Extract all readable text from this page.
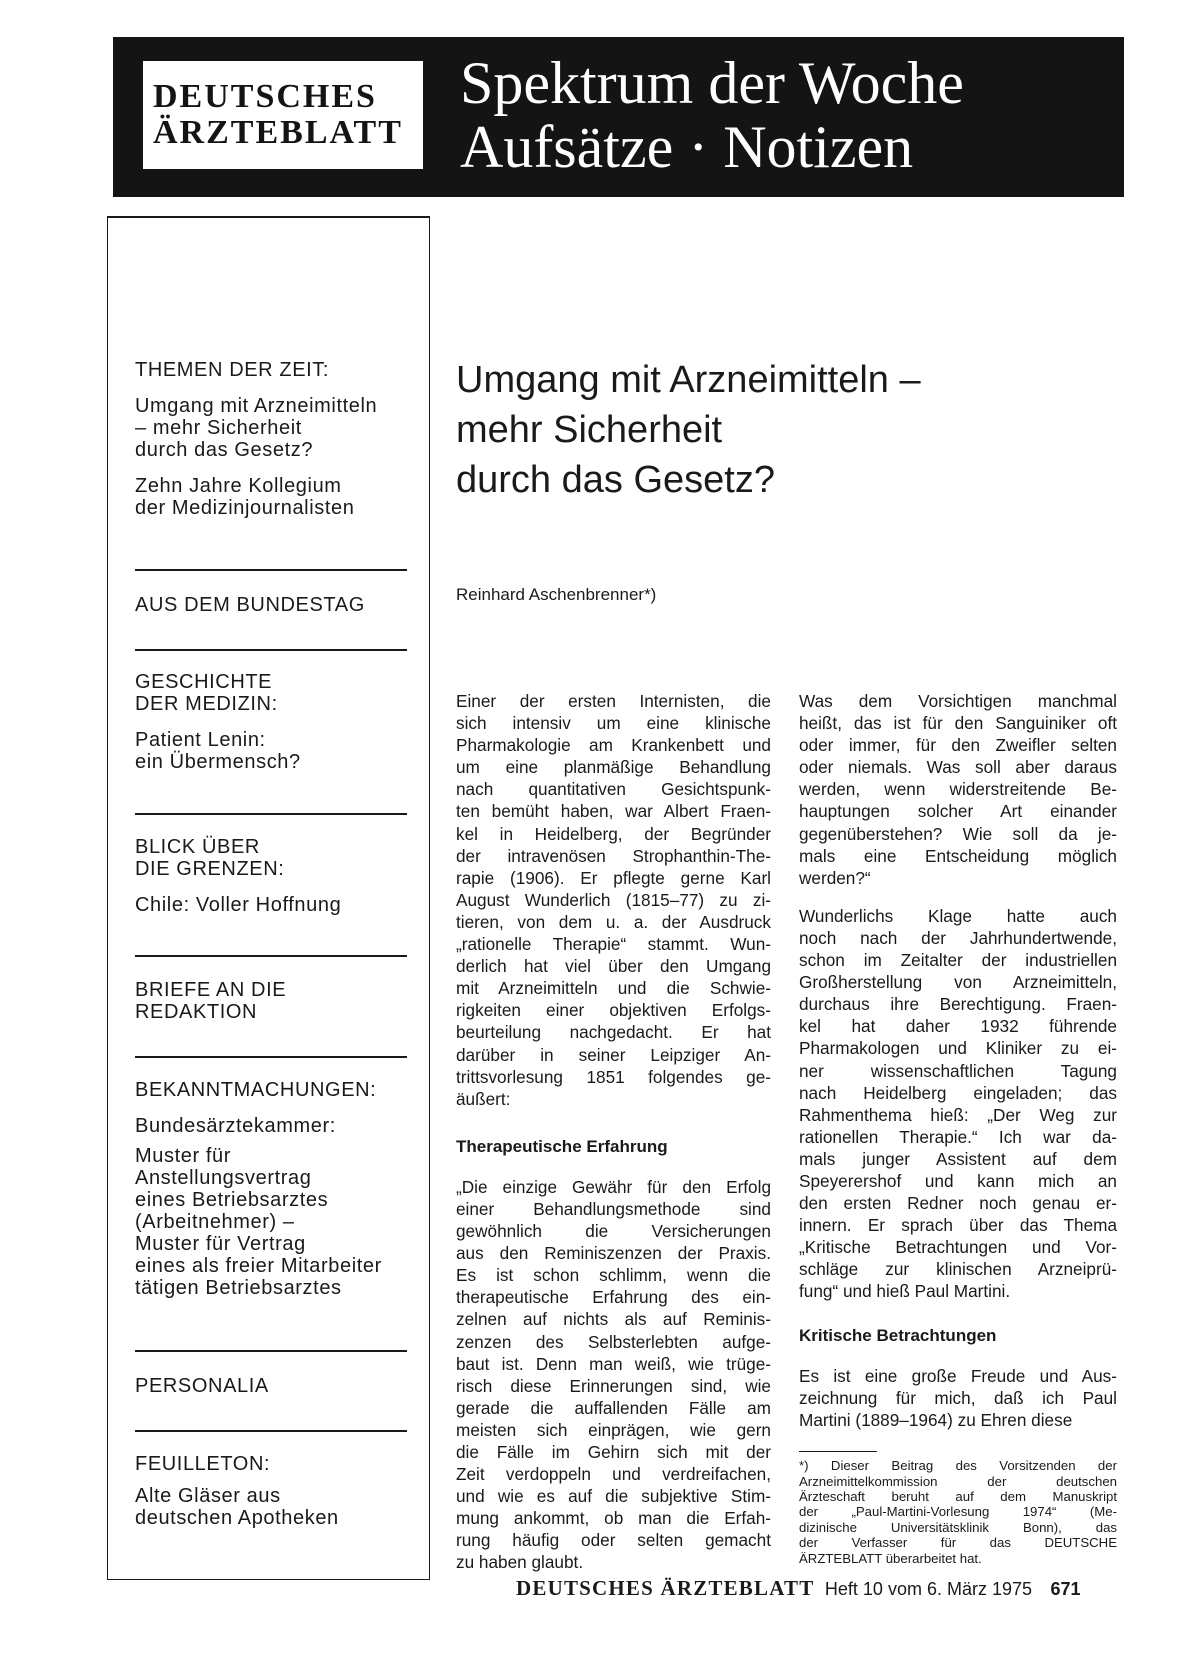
DEUTSCHES
ÄRZTEBLATT
Spektrum der Woche
Aufsätze · Notizen
THEMEN DER ZEIT:
Umgang mit Arzneimitteln
– mehr Sicherheit
durch das Gesetz?
Zehn Jahre Kollegium
der Medizinjournalisten
AUS DEM BUNDESTAG
GESCHICHTE
DER MEDIZIN:
Patient Lenin:
ein Übermensch?
BLICK ÜBER
DIE GRENZEN:
Chile: Voller Hoffnung
BRIEFE AN DIE
REDAKTION
BEKANNTMACHUNGEN:
Bundesärztekammer:
Muster für
Anstellungsvertrag
eines Betriebsarztes
(Arbeitnehmer) –
Muster für Vertrag
eines als freier Mitarbeiter
tätigen Betriebsarztes
PERSONALIA
FEUILLETON:
Alte Gläser aus
deutschen Apotheken
Umgang mit Arzneimitteln –
mehr Sicherheit
durch das Gesetz?
Reinhard Aschenbrenner*)

Einer der ersten Internisten, die
sich intensiv um eine klinische
Pharmakologie am Krankenbett und
um eine planmäßige Behandlung
nach quantitativen Gesichtspunk-
ten bemüht haben, war Albert Fraen-
kel in Heidelberg, der Begründer
der intravenösen Strophanthin-The-
rapie (1906). Er pflegte gerne Karl
August Wunderlich (1815–77) zu zi-
tieren, von dem u. a. der Ausdruck
„rationelle Therapie“ stammt. Wun-
derlich hat viel über den Umgang
mit Arzneimitteln und die Schwie-
rigkeiten einer objektiven Erfolgs-
beurteilung nachgedacht. Er hat
darüber in seiner Leipziger An-
trittsvorlesung 1851 folgendes ge-
äußert:

Therapeutische Erfahrung

„Die einzige Gewähr für den Erfolg
einer Behandlungsmethode sind
gewöhnlich die Versicherungen
aus den Reminiszenzen der Praxis.
Es ist schon schlimm, wenn die
therapeutische Erfahrung des ein-
zelnen auf nichts als auf Reminis-
zenzen des Selbsterlebten aufge-
baut ist. Denn man weiß, wie trüge-
risch diese Erinnerungen sind, wie
gerade die auffallenden Fälle am
meisten sich einprägen, wie gern
die Fälle im Gehirn sich mit der
Zeit verdoppeln und verdreifachen,
und wie es auf die subjektive Stim-
mung ankommt, ob man die Erfah-
rung häufig oder selten gemacht
zu haben glaubt.

Was dem Vorsichtigen manchmal
heißt, das ist für den Sanguiniker oft
oder immer, für den Zweifler selten
oder niemals. Was soll aber daraus
werden, wenn widerstreitende Be-
hauptungen solcher Art einander
gegenüberstehen? Wie soll da je-
mals eine Entscheidung möglich
werden?“

Wunderlichs Klage hatte auch
noch nach der Jahrhundertwende,
schon im Zeitalter der industriellen
Großherstellung von Arzneimitteln,
durchaus ihre Berechtigung. Fraen-
kel hat daher 1932 führende
Pharmakologen und Kliniker zu ei-
ner wissenschaftlichen Tagung
nach Heidelberg eingeladen; das
Rahmenthema hieß: „Der Weg zur
rationellen Therapie.“ Ich war da-
mals junger Assistent auf dem
Speyerershof und kann mich an
den ersten Redner noch genau er-
innern. Er sprach über das Thema
„Kritische Betrachtungen und Vor-
schläge zur klinischen Arzneiprü-
fung“ und hieß Paul Martini.

Kritische Betrachtungen

Es ist eine große Freude und Aus-
zeichnung für mich, daß ich Paul
Martini (1889–1964) zu Ehren diese

*) Dieser Beitrag des Vorsitzenden der
Arzneimittelkommission der deutschen
Ärzteschaft beruht auf dem Manuskript
der „Paul-Martini-Vorlesung 1974“ (Me-
dizinische Universitätsklinik Bonn), das
der Verfasser für das DEUTSCHE
ÄRZTEBLATT überarbeitet hat.

DEUTSCHES ÄRZTEBLATT Heft 10 vom 6. März 1975 671
